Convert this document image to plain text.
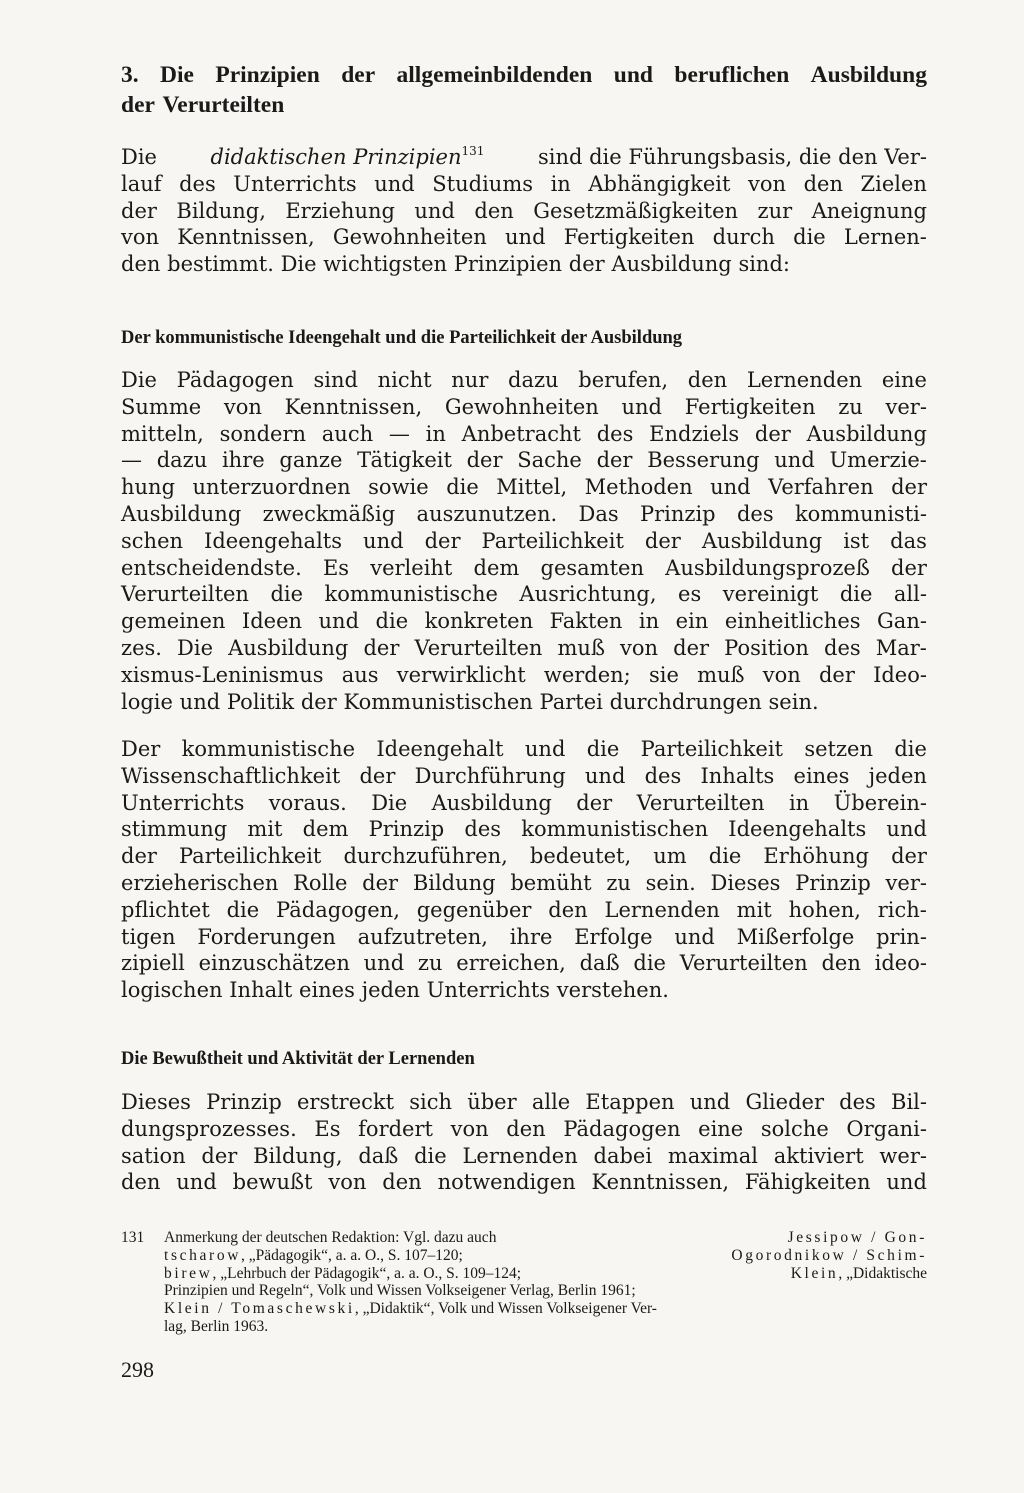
3. Die Prinzipien der allgemeinbildenden und beruflichen Ausbildung
der Verurteilten
Die	didaktischen Prinzipien$^{131}$	sind die Führungsbasis, die den Ver-
lauf des Unterrichts und Studiums in Abhängigkeit von den Zielen
der Bildung, Erziehung und den Gesetzmäßigkeiten zur Aneignung
von Kenntnissen, Gewohnheiten und Fertigkeiten durch die Lernen-
den bestimmt. Die wichtigsten Prinzipien der Ausbildung sind:
Der kommunistische Ideengehalt und die Parteilichkeit der Ausbildung
Die Pädagogen sind nicht nur dazu berufen, den Lernenden eine
Summe von Kenntnissen, Gewohnheiten und Fertigkeiten zu ver-
mitteln, sondern auch — in Anbetracht des Endziels der Ausbildung
— dazu ihre ganze Tätigkeit der Sache der Besserung und Umerzie-
hung unterzuordnen sowie die Mittel, Methoden und Verfahren der
Ausbildung zweckmäßig auszunutzen. Das Prinzip des kommunisti-
schen Ideengehalts und der Parteilichkeit der Ausbildung ist das
entscheidendste. Es verleiht dem gesamten Ausbildungsprozeß der
Verurteilten die kommunistische Ausrichtung, es vereinigt die all-
gemeinen Ideen und die konkreten Fakten in ein einheitliches Gan-
zes. Die Ausbildung der Verurteilten muß von der Position des Mar-
xismus-Leninismus aus verwirklicht werden; sie muß von der Ideo-
logie und Politik der Kommunistischen Partei durchdrungen sein.
Der kommunistische Ideengehalt und die Parteilichkeit setzen die
Wissenschaftlichkeit der Durchführung und des Inhalts eines jeden
Unterrichts voraus. Die Ausbildung der Verurteilten in Überein-
stimmung mit dem Prinzip des kommunistischen Ideengehalts und
der Parteilichkeit durchzuführen, bedeutet, um die Erhöhung der
erzieherischen Rolle der Bildung bemüht zu sein. Dieses Prinzip ver-
pflichtet die Pädagogen, gegenüber den Lernenden mit hohen, rich-
tigen Forderungen aufzutreten, ihre Erfolge und Mißerfolge prin-
zipiell einzuschätzen und zu erreichen, daß die Verurteilten den ideo-
logischen Inhalt eines jeden Unterrichts verstehen.
Die Bewußtheit und Aktivität der Lernenden
Dieses Prinzip erstreckt sich über alle Etappen und Glieder des Bil-
dungsprozesses. Es fordert von den Pädagogen eine solche Organi-
sation der Bildung, daß die Lernenden dabei maximal aktiviert wer-
den und bewußt von den notwendigen Kenntnissen, Fähigkeiten und
131 Anmerkung der deutschen Redaktion: Vgl. dazu auch	Jessipow / Gon-
tscharow, „Pädagogik“, a. a. O., S. 107–120;	Ogorodnikow / Schim-
birew, „Lehrbuch der Pädagogik“, a. a. O., S. 109–124;	Klein, „Didaktische
Prinzipien und Regeln“, Volk und Wissen Volkseigener Verlag, Berlin 1961;
Klein / Tomaschewski, „Didaktik“, Volk und Wissen Volkseigener Ver-
lag, Berlin 1963.
298
